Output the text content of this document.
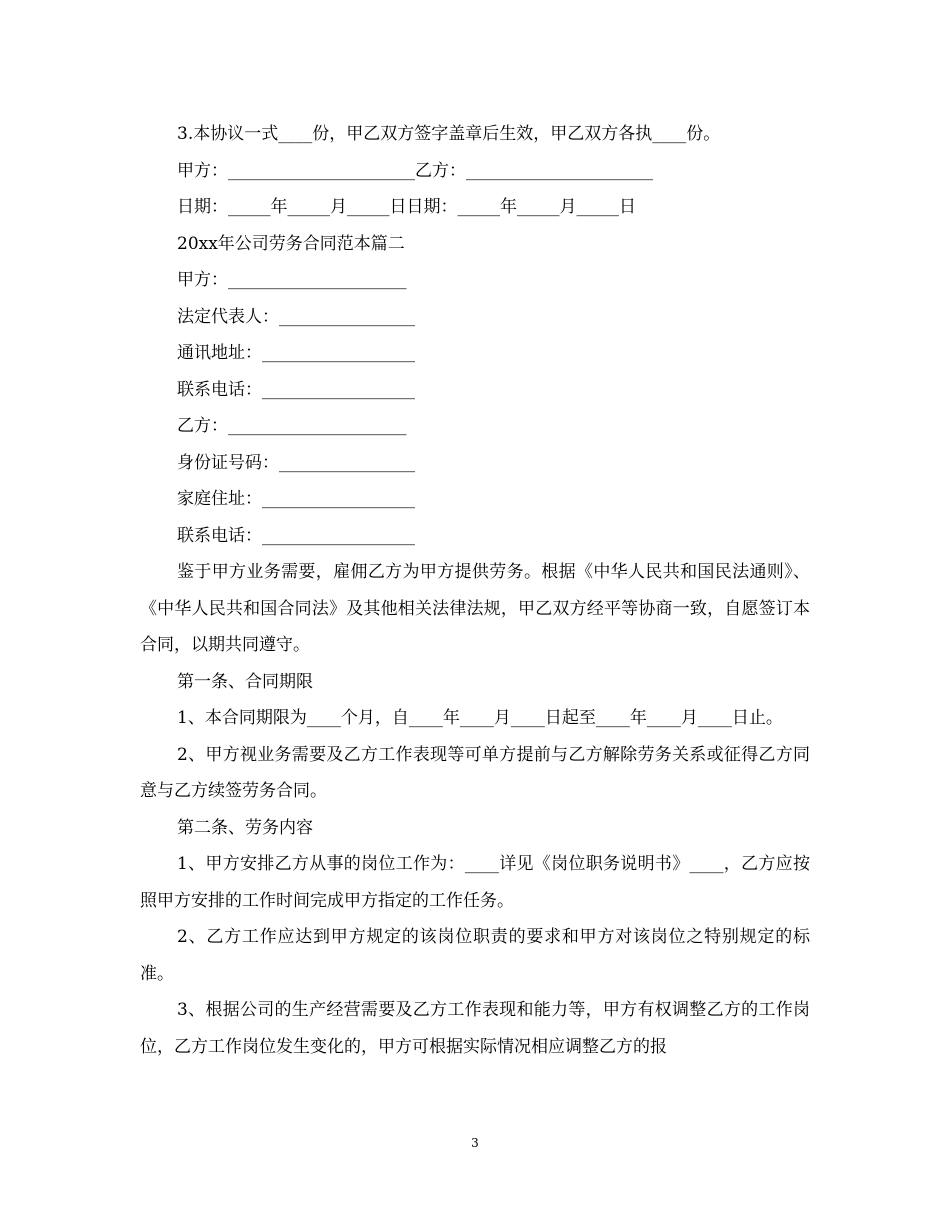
3.本协议一式____份，甲乙双方签字盖章后生效，甲乙双方各执____份。
甲方：______________________乙方：______________________
日期：_____年_____月_____日日期：_____年_____月_____日
20xx年公司劳务合同范本篇二
甲方：_____________________
法定代表人：________________
通讯地址：__________________
联系电话：__________________
乙方：_____________________
身份证号码：________________
家庭住址：__________________
联系电话：__________________
鉴于甲方业务需要，雇佣乙方为甲方提供劳务。根据《中华人民共和国民法通则》、《中华人民共和国合同法》及其他相关法律法规，甲乙双方经平等协商一致，自愿签订本合同，以期共同遵守。
第一条、合同期限
1、本合同期限为____个月，自____年____月____日起至____年____月____日止。
2、甲方视业务需要及乙方工作表现等可单方提前与乙方解除劳务关系或征得乙方同意与乙方续签劳务合同。
第二条、劳务内容
1、甲方安排乙方从事的岗位工作为：____详见《岗位职务说明书》____，乙方应按照甲方安排的工作时间完成甲方指定的工作任务。
2、乙方工作应达到甲方规定的该岗位职责的要求和甲方对该岗位之特别规定的标准。
3、根据公司的生产经营需要及乙方工作表现和能力等，甲方有权调整乙方的工作岗位，乙方工作岗位发生变化的，甲方可根据实际情况相应调整乙方的报
3
